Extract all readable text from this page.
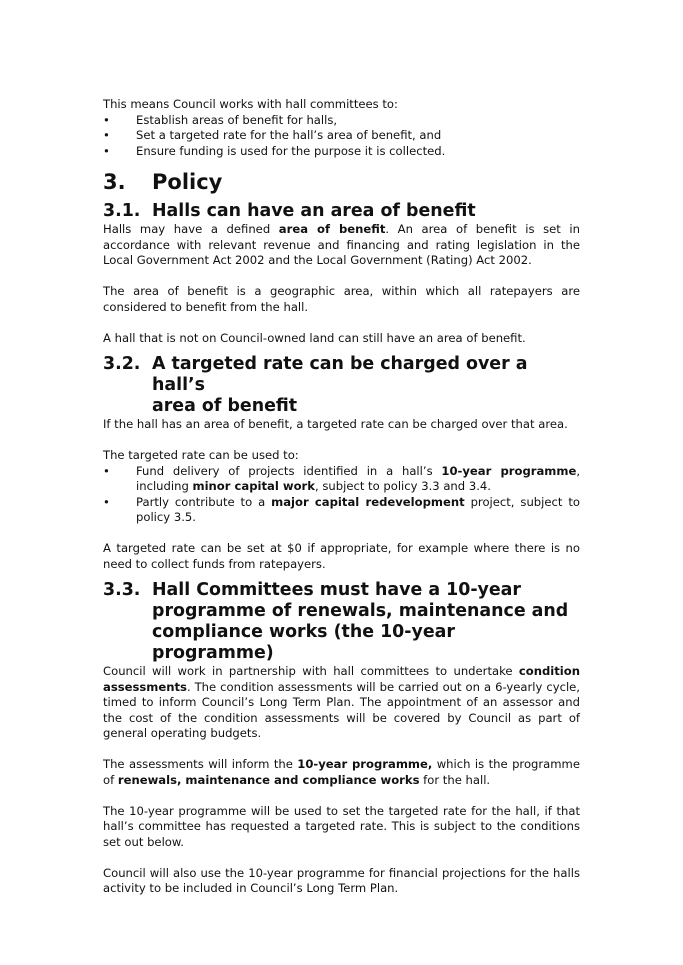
This means Council works with hall committees to:

• Establish areas of benefit for halls,
• Set a targeted rate for the hall’s area of benefit, and
• Ensure funding is used for the purpose it is collected.
3.	Policy
3.1. Halls can have an area of benefit

Halls may have a defined area of benefit. An area of benefit is set in accordance with relevant revenue and financing and rating legislation in the Local Government Act 2002 and the Local Government (Rating) Act 2002.

The area of benefit is a geographic area, within which all ratepayers are considered to benefit from the hall.

A hall that is not on Council-owned land can still have an area of benefit.

3.2. A targeted rate can be charged over a hall’s
area of benefit

If the hall has an area of benefit, a targeted rate can be charged over that area.

The targeted rate can be used to:

• Fund delivery of projects identified in a hall’s 10-year programme, including minor capital work, subject to policy 3.3 and 3.4.
• Partly contribute to a major capital redevelopment project, subject to policy 3.5.

A targeted rate can be set at $0 if appropriate, for example where there is no need to collect funds from ratepayers.

3.3. Hall Committees must have a 10-year
programme of renewals, maintenance and
compliance works (the 10-year programme)

Council will work in partnership with hall committees to undertake condition assessments. The condition assessments will be carried out on a 6-yearly cycle, timed to inform Council’s Long Term Plan. The appointment of an assessor and the cost of the condition assessments will be covered by Council as part of general operating budgets.

The assessments will inform the 10-year programme, which is the programme of renewals, maintenance and compliance works for the hall.

The 10-year programme will be used to set the targeted rate for the hall, if that hall’s committee has requested a targeted rate. This is subject to the conditions set out below.

Council will also use the 10-year programme for financial projections for the halls activity to be included in Council’s Long Term Plan.
